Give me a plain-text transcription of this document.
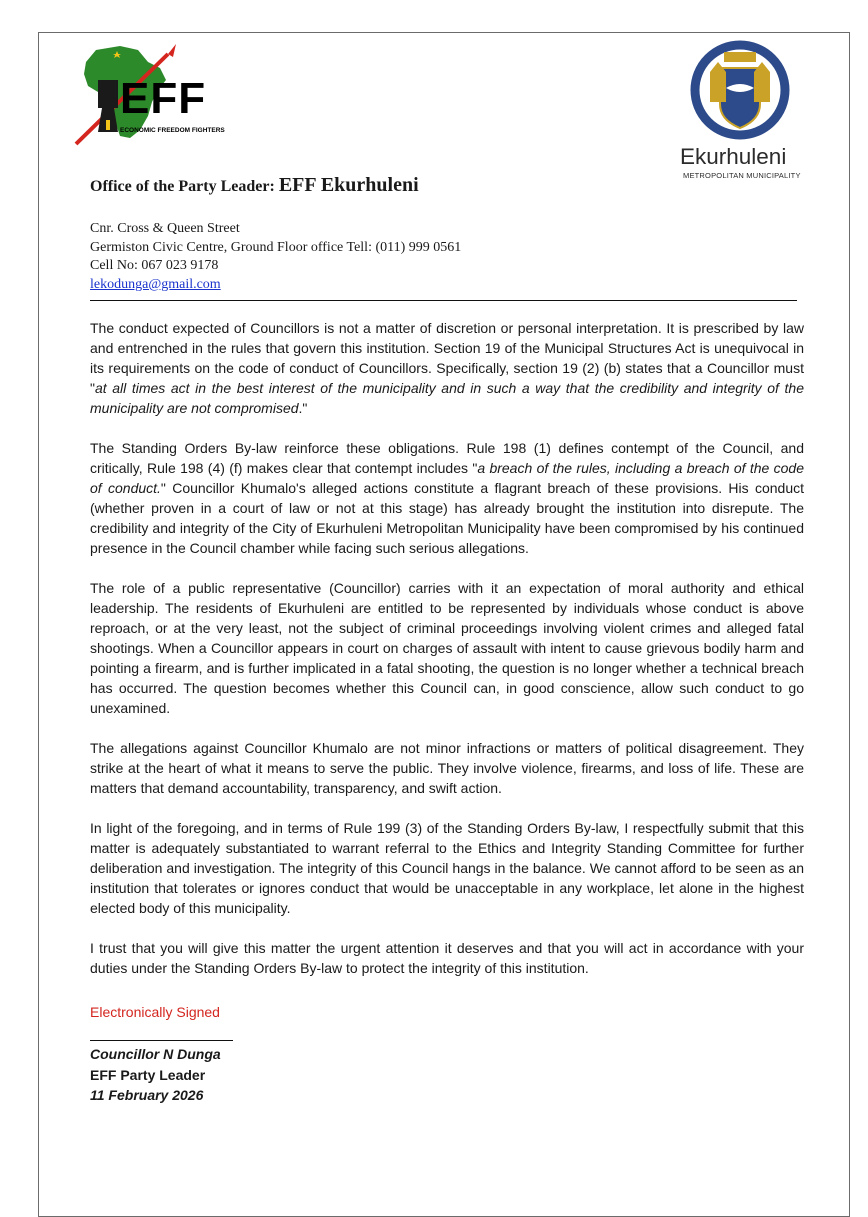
EFF
ECONOMIC FREEDOM FIGHTERS
Ekurhuleni
METROPOLITAN MUNICIPALITY
Office of the Party Leader: EFF Ekurhuleni
Cnr. Cross & Queen Street
Germiston Civic Centre, Ground Floor office Tell: (011) 999 0561
Cell No: 067 023 9178
lekodunga@gmail.com

The conduct expected of Councillors is not a matter of discretion or personal interpretation. It is prescribed by law and entrenched in the rules that govern this institution. Section 19 of the Municipal Structures Act is unequivocal in its requirements on the code of conduct of Councillors. Specifically, section 19 (2) (b) states that a Councillor must "at all times act in the best interest of the municipality and in such a way that the credibility and integrity of the municipality are not compromised."

The Standing Orders By-law reinforce these obligations. Rule 198 (1) defines contempt of the Council, and critically, Rule 198 (4) (f) makes clear that contempt includes "a breach of the rules, including a breach of the code of conduct." Councillor Khumalo's alleged actions constitute a flagrant breach of these provisions. His conduct (whether proven in a court of law or not at this stage) has already brought the institution into disrepute. The credibility and integrity of the City of Ekurhuleni Metropolitan Municipality have been compromised by his continued presence in the Council chamber while facing such serious allegations.

The role of a public representative (Councillor) carries with it an expectation of moral authority and ethical leadership. The residents of Ekurhuleni are entitled to be represented by individuals whose conduct is above reproach, or at the very least, not the subject of criminal proceedings involving violent crimes and alleged fatal shootings. When a Councillor appears in court on charges of assault with intent to cause grievous bodily harm and pointing a firearm, and is further implicated in a fatal shooting, the question is no longer whether a technical breach has occurred. The question becomes whether this Council can, in good conscience, allow such conduct to go unexamined.

The allegations against Councillor Khumalo are not minor infractions or matters of political disagreement. They strike at the heart of what it means to serve the public. They involve violence, firearms, and loss of life. These are matters that demand accountability, transparency, and swift action.

In light of the foregoing, and in terms of Rule 199 (3) of the Standing Orders By-law, I respectfully submit that this matter is adequately substantiated to warrant referral to the Ethics and Integrity Standing Committee for further deliberation and investigation. The integrity of this Council hangs in the balance. We cannot afford to be seen as an institution that tolerates or ignores conduct that would be unacceptable in any workplace, let alone in the highest elected body of this municipality.

I trust that you will give this matter the urgent attention it deserves and that you will act in accordance with your duties under the Standing Orders By-law to protect the integrity of this institution.

Electronically Signed
Councillor N Dunga
EFF Party Leader
11 February 2026
